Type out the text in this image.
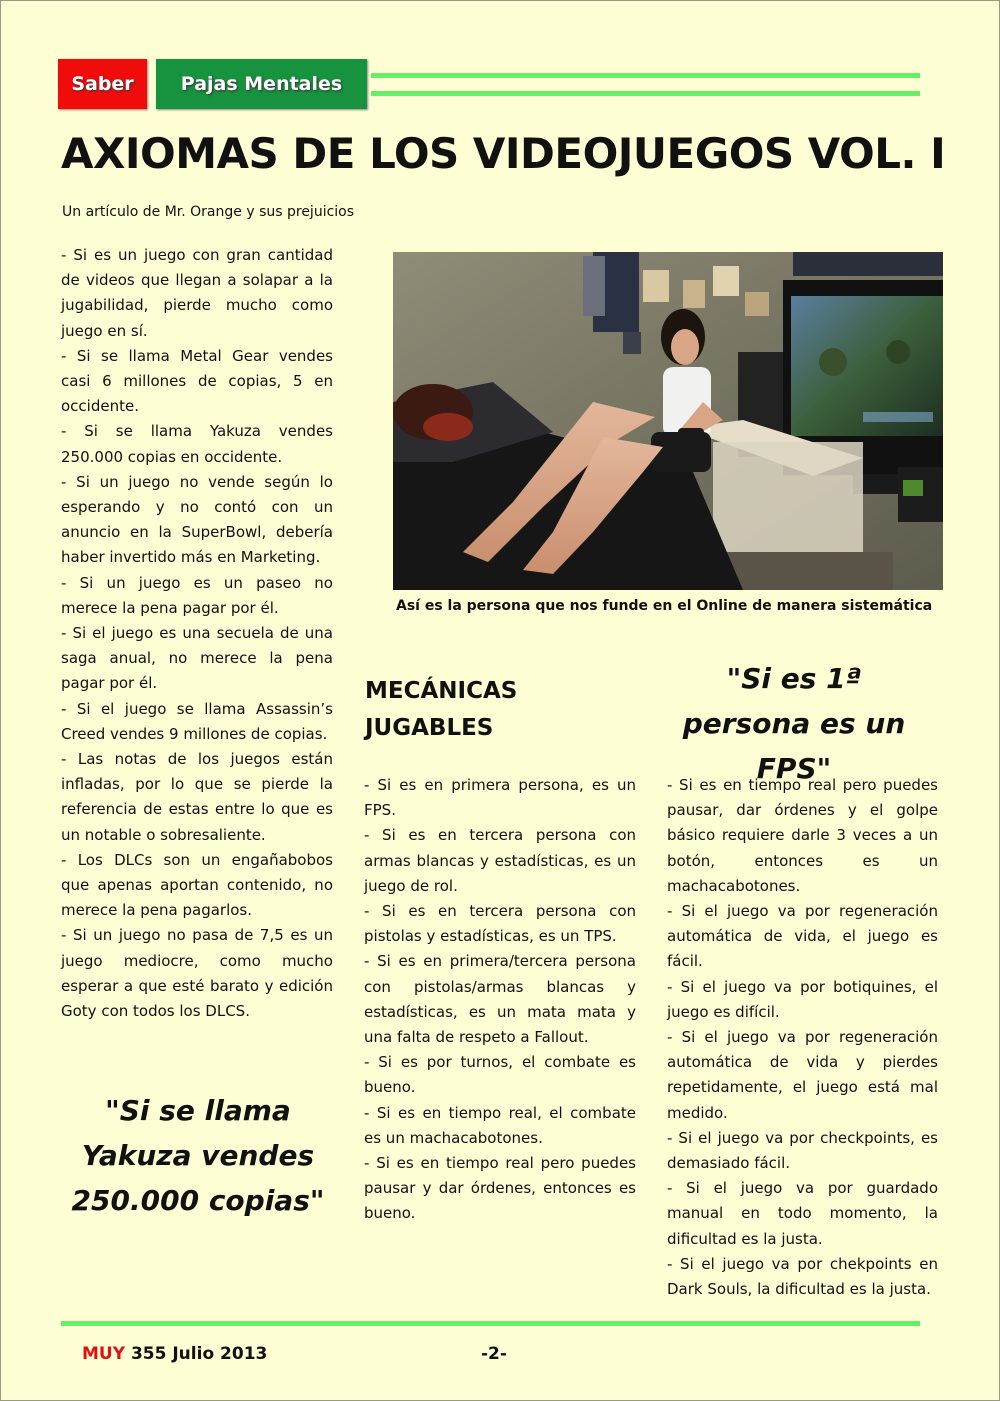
Saber Pajas Mentales
AXIOMAS DE LOS VIDEOJUEGOS VOL. I
Un artículo de Mr. Orange y sus prejuicios

- Si es un juego con gran cantidad de videos que llegan a solapar a la jugabilidad, pierde mucho como juego en sí.

- Si se llama Metal Gear vendes casi 6 millones de copias, 5 en occidente.

- Si se llama Yakuza vendes 250.000 copias en occidente.

- Si un juego no vende según lo esperando y no contó con un anuncio en la SuperBowl, debería haber invertido más en Marketing.

- Si un juego es un paseo no merece la pena pagar por él.

- Si el juego es una secuela de una saga anual, no merece la pena pagar por él.

- Si el juego se llama Assassin’s Creed vendes 9 millones de copias.

- Las notas de los juegos están infladas, por lo que se pierde la referencia de estas entre lo que es un notable o sobresaliente.

- Los DLCs son un engañabobos que apenas aportan contenido, no merece la pena pagarlos.

- Si un juego no pasa de 7,5 es un juego mediocre, como mucho esperar a que esté barato y edición Goty con todos los DLCS.

Así es la persona que nos funde en el Online de manera sistemática
MECÁNICAS JUGABLES
"Si es 1ª persona es un FPS"

- Si es en primera persona, es un FPS.

- Si es en tercera persona con armas blancas y estadísticas, es un juego de rol.

- Si es en tercera persona con pistolas y estadísticas, es un TPS.

- Si es en primera/tercera persona con pistolas/armas blancas y estadísticas, es un mata mata y una falta de respeto a Fallout.

- Si es por turnos, el combate es bueno.

- Si es en tiempo real, el combate es un machacabotones.

- Si es en tiempo real pero puedes pausar y dar órdenes, entonces es bueno.

- Si es en tiempo real pero puedes pausar, dar órdenes y el golpe básico requiere darle 3 veces a un botón, entonces es un machacabotones.

- Si el juego va por regeneración automática de vida, el juego es fácil.

- Si el juego va por botiquines, el juego es difícil.

- Si el juego va por regeneración automática de vida y pierdes repetidamente, el juego está mal medido.

- Si el juego va por checkpoints, es demasiado fácil.

- Si el juego va por guardado manual en todo momento, la dificultad es la justa.

- Si el juego va por chekpoints en Dark Souls, la dificultad es la justa.

"Si se llama Yakuza vendes 250.000 copias"
MUY 355 Julio 2013	-2-
